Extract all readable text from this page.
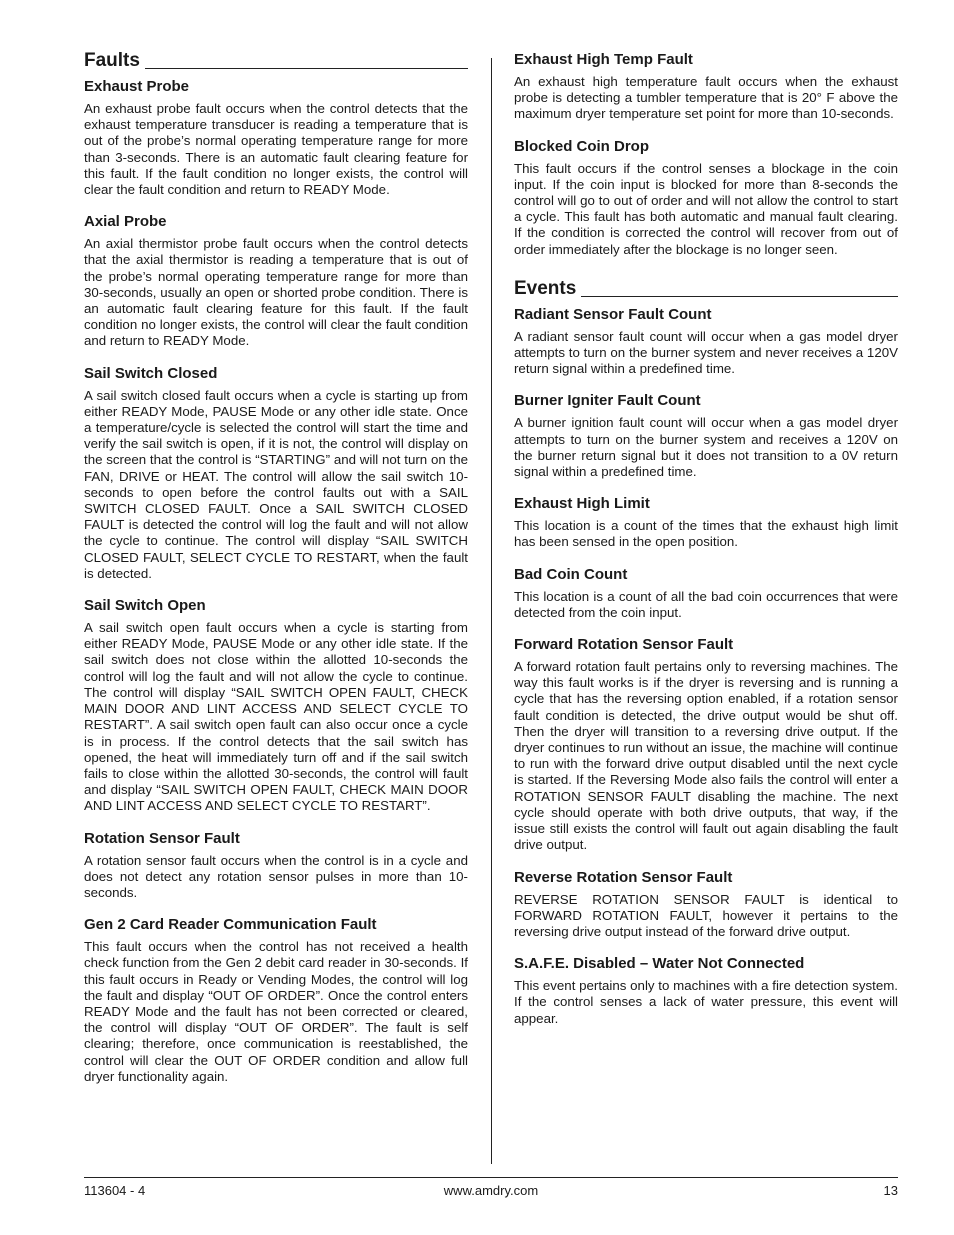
Faults
Exhaust Probe

An exhaust probe fault occurs when the control detects that the exhaust temperature transducer is reading a temperature that is out of the probe’s normal operating temperature range for more than 3-seconds. There is an automatic fault clearing feature for this fault. If the fault condition no longer exists, the control will clear the fault condition and return to READY Mode.

Axial Probe

An axial thermistor probe fault occurs when the control detects that the axial thermistor is reading a temperature that is out of the probe’s normal operating temperature range for more than 30-seconds, usually an open or shorted probe condition. There is an automatic fault clearing feature for this fault. If the fault condition no longer exists, the control will clear the fault condition and return to READY Mode.

Sail Switch Closed

A sail switch closed fault occurs when a cycle is starting up from either READY Mode, PAUSE Mode or any other idle state. Once a temperature/cycle is selected the control will start the time and verify the sail switch is open, if it is not, the control will display on the screen that the control is “STARTING” and will not turn on the FAN, DRIVE or HEAT. The control will allow the sail switch 10-seconds to open before the control faults out with a SAIL SWITCH CLOSED FAULT. Once a SAIL SWITCH CLOSED FAULT is detected the control will log the fault and will not allow the cycle to continue. The control will display “SAIL SWITCH CLOSED FAULT, SELECT CYCLE TO RESTART, when the fault is detected.

Sail Switch Open

A sail switch open fault occurs when a cycle is starting from either READY Mode, PAUSE Mode or any other idle state. If the sail switch does not close within the allotted 10-seconds the control will log the fault and will not allow the cycle to continue. The control will display “SAIL SWITCH OPEN FAULT, CHECK MAIN DOOR AND LINT ACCESS AND SELECT CYCLE TO RESTART”. A sail switch open fault can also occur once a cycle is in process. If the control detects that the sail switch has opened, the heat will immediately turn off and if the sail switch fails to close within the allotted 30-seconds, the control will fault and display “SAIL SWITCH OPEN FAULT, CHECK MAIN DOOR AND LINT ACCESS AND SELECT CYCLE TO RESTART”.

Rotation Sensor Fault

A rotation sensor fault occurs when the control is in a cycle and does not detect any rotation sensor pulses in more than 10-seconds.

Gen 2 Card Reader Communication Fault

This fault occurs when the control has not received a health check function from the Gen 2 debit card reader in 30-seconds. If this fault occurs in Ready or Vending Modes, the control will log the fault and display “OUT OF ORDER”. Once the control enters READY Mode and the fault has not been corrected or cleared, the control will display “OUT OF ORDER”. The fault is self clearing; therefore, once communication is reestablished, the control will clear the OUT OF ORDER condition and allow full dryer functionality again.

Exhaust High Temp Fault

An exhaust high temperature fault occurs when the exhaust probe is detecting a tumbler temperature that is 20° F above the maximum dryer temperature set point for more than 10-seconds.

Blocked Coin Drop

This fault occurs if the control senses a blockage in the coin input. If the coin input is blocked for more than 8-seconds the control will go to out of order and will not allow the control to start a cycle. This fault has both automatic and manual fault clearing. If the condition is corrected the control will recover from out of order immediately after the blockage is no longer seen.

Events
Radiant Sensor Fault Count

A radiant sensor fault count will occur when a gas model dryer attempts to turn on the burner system and never receives a 120V return signal within a predefined time.

Burner Igniter Fault Count

A burner ignition fault count will occur when a gas model dryer attempts to turn on the burner system and receives a 120V on the burner return signal but it does not transition to a 0V return signal within a predefined time.

Exhaust High Limit

This location is a count of the times that the exhaust high limit has been sensed in the open position.

Bad Coin Count

This location is a count of all the bad coin occurrences that were detected from the coin input.

Forward Rotation Sensor Fault

A forward rotation fault pertains only to reversing machines. The way this fault works is if the dryer is reversing and is running a cycle that has the reversing option enabled, if a rotation sensor fault condition is detected, the drive output would be shut off. Then the dryer will transition to a reversing drive output. If the dryer continues to run without an issue, the machine will continue to run with the forward drive output disabled until the next cycle is started. If the Reversing Mode also fails the control will enter a ROTATION SENSOR FAULT disabling the machine. The next cycle should operate with both drive outputs, that way, if the issue still exists the control will fault out again disabling the fault drive output.

Reverse Rotation Sensor Fault

REVERSE ROTATION SENSOR FAULT is identical to FORWARD ROTATION FAULT, however it pertains to the reversing drive output instead of the forward drive output.

S.A.F.E. Disabled – Water Not Connected

This event pertains only to machines with a fire detection system. If the control senses a lack of water pressure, this event will appear.

113604 - 4	www.amdry.com	13
